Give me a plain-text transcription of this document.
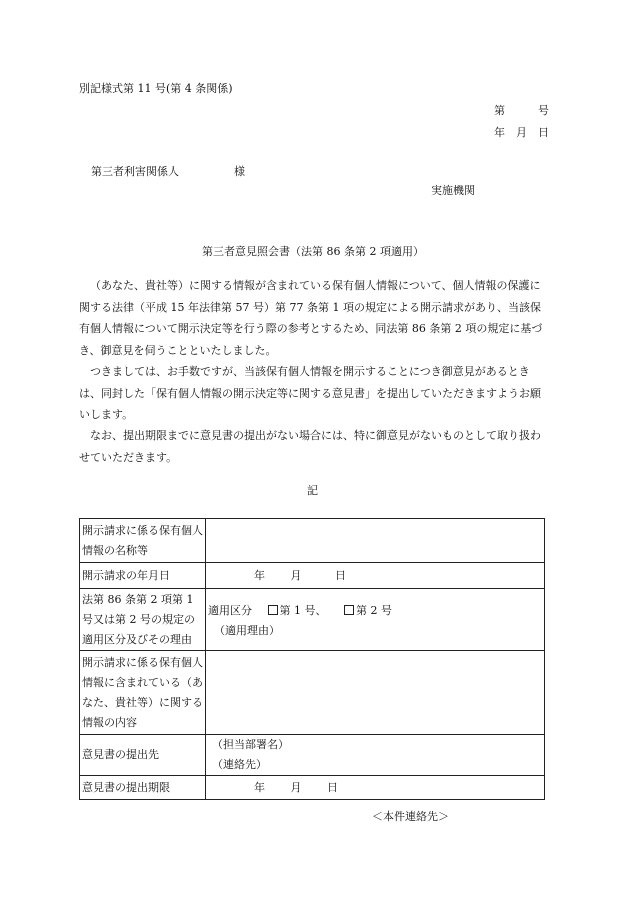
別記様式第 11 号(第 4 条関係)
第　　　号
年　月　日
第三者利害関係人　　　　　様
実施機関
第三者意見照会書（法第 86 条第 2 項適用）
（あなた、貴社等）に関する情報が含まれている保有個人情報について、個人情報の保護に関する法律（平成 15 年法律第 57 号）第 77 条第 1 項の規定による開示請求があり、当該保有個人情報について開示決定等を行う際の参考とするため、同法第 86 条第 2 項の規定に基づき、御意見を伺うことといたしました。
つきましては、お手数ですが、当該保有個人情報を開示することにつき御意見があるときは、同封した「保有個人情報の開示決定等に関する意見書」を提出していただきますようお願いします。
なお、提出期限までに意見書の提出がない場合には、特に御意見がないものとして取り扱わせていただきます。
記
開示請求に係る保有個人情報の名称等	
開示請求の年月日	年 月 日
法第 86 条第 2 項第 1 号又は第 2 号の規定の適用区分及びその理由	適用区分 第 1 号、 第 2 号
（適用理由）

開示請求に係る保有個人情報に含まれている（あなた、貴社等）に関する情報の内容	
意見書の提出先	（担当部署名）
（連絡先）

意見書の提出期限	年 月 日
＜本件連絡先＞
